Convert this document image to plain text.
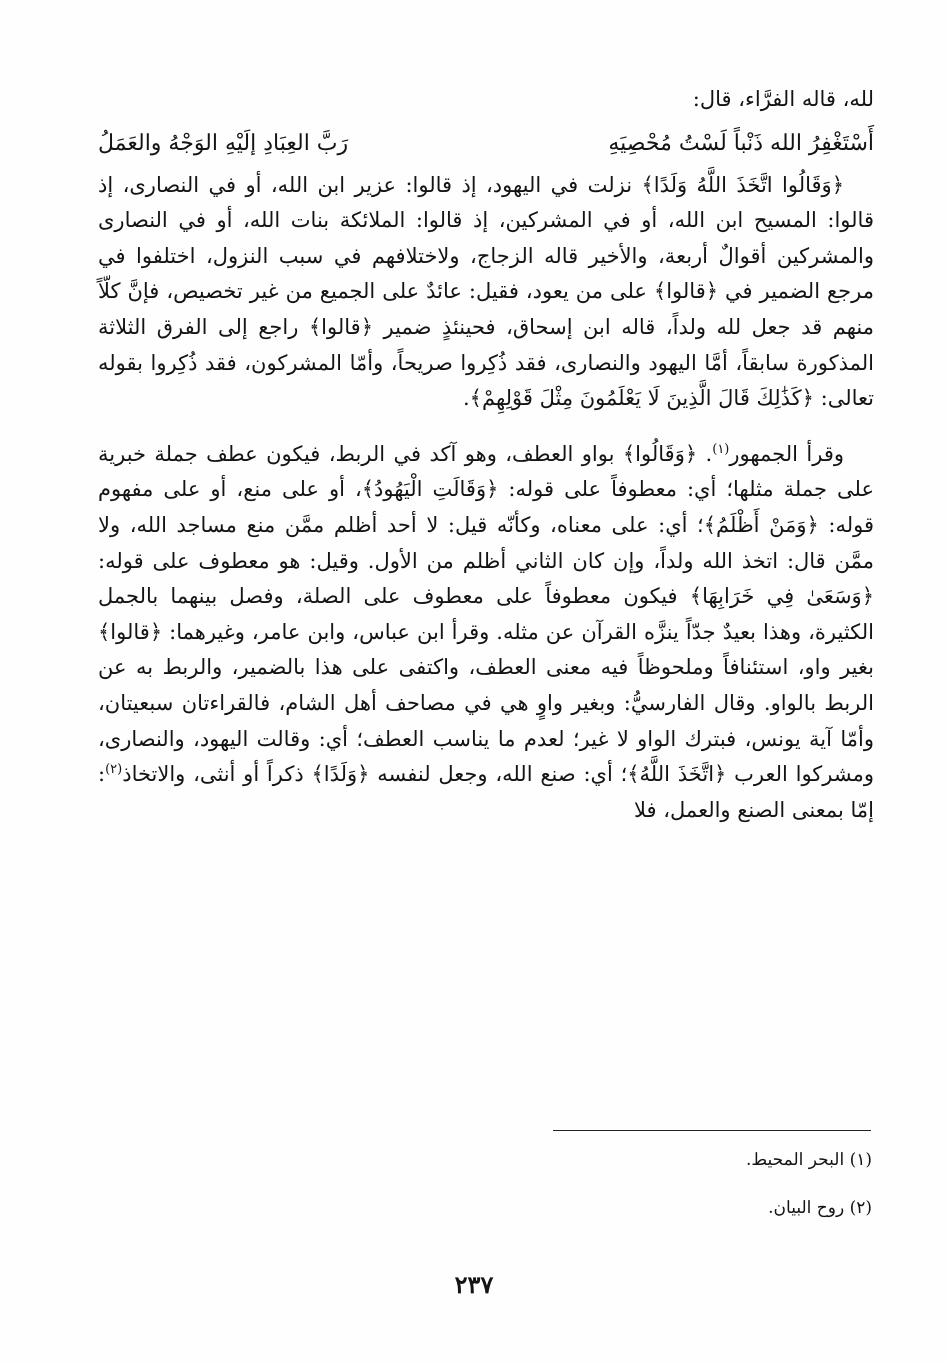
لله، قاله الفرَّاء، قال:

أَسْتَغْفِرُ الله ذَنْباً لَسْتُ مُحْصِيَهِ
رَبَّ العِبَادِ إلَيْهِ الوَجْهُ والعَمَلُ

﴿وَقَالُوا اتَّخَذَ اللَّهُ وَلَدًا﴾ نزلت في اليهود، إذ قالوا: عزير ابن الله، أو في النصارى، إذ قالوا: المسيح ابن الله، أو في المشركين، إذ قالوا: الملائكة بنات الله، أو في النصارى والمشركين أقوالٌ أربعة، والأخير قاله الزجاج، ولاختلافهم في سبب النزول، اختلفوا في مرجع الضمير في ﴿قالوا﴾ على من يعود، فقيل: عائدٌ على الجميع من غير تخصيص، فإنَّ كلّاً منهم قد جعل لله ولداً، قاله ابن إسحاق، فحينئذٍ ضمير ﴿قالوا﴾ راجع إلى الفرق الثلاثة المذكورة سابقاً، أمَّا اليهود والنصارى، فقد ذُكِروا صريحاً، وأمّا المشركون، فقد ذُكِروا بقوله تعالى: ﴿كَذَٰلِكَ قَالَ الَّذِينَ لَا يَعْلَمُونَ مِثْلَ قَوْلِهِمْ﴾.

وقرأ الجمهور$^{(١)}$. ﴿وَقَالُوا﴾ بواو العطف، وهو آكد في الربط، فيكون عطف جملة خبرية على جملة مثلها؛ أي: معطوفاً على قوله: ﴿وَقَالَتِ الْيَهُودُ﴾، أو على منع، أو على مفهوم قوله: ﴿وَمَنْ أَظْلَمُ﴾؛ أي: على معناه، وكأنّه قيل: لا أحد أظلم ممَّن منع مساجد الله، ولا ممَّن قال: اتخذ الله ولداً، وإن كان الثاني أظلم من الأول. وقيل: هو معطوف على قوله: ﴿وَسَعَىٰ فِي خَرَابِهَا﴾ فيكون معطوفاً على معطوف على الصلة، وفصل بينهما بالجمل الكثيرة، وهذا بعيدٌ جدّاً ينزَّه القرآن عن مثله. وقرأ ابن عباس، وابن عامر، وغيرهما: ﴿قالوا﴾ بغير واو، استئنافاً وملحوظاً فيه معنى العطف، واكتفى على هذا بالضمير، والربط به عن الربط بالواو. وقال الفارسيُّ: وبغير واوٍ هي في مصاحف أهل الشام، فالقراءتان سبعيتان، وأمّا آية يونس، فبترك الواو لا غير؛ لعدم ما يناسب العطف؛ أي: وقالت اليهود، والنصارى، ومشركوا العرب ﴿اتَّخَذَ اللَّهُ﴾؛ أي: صنع الله، وجعل لنفسه ﴿وَلَدًا﴾ ذكراً أو أنثى، والاتخاذ$^{(٢)}$: إمّا بمعنى الصنع والعمل، فلا

(١) البحر المحيط.

(٢) روح البيان.

٢٣٧
